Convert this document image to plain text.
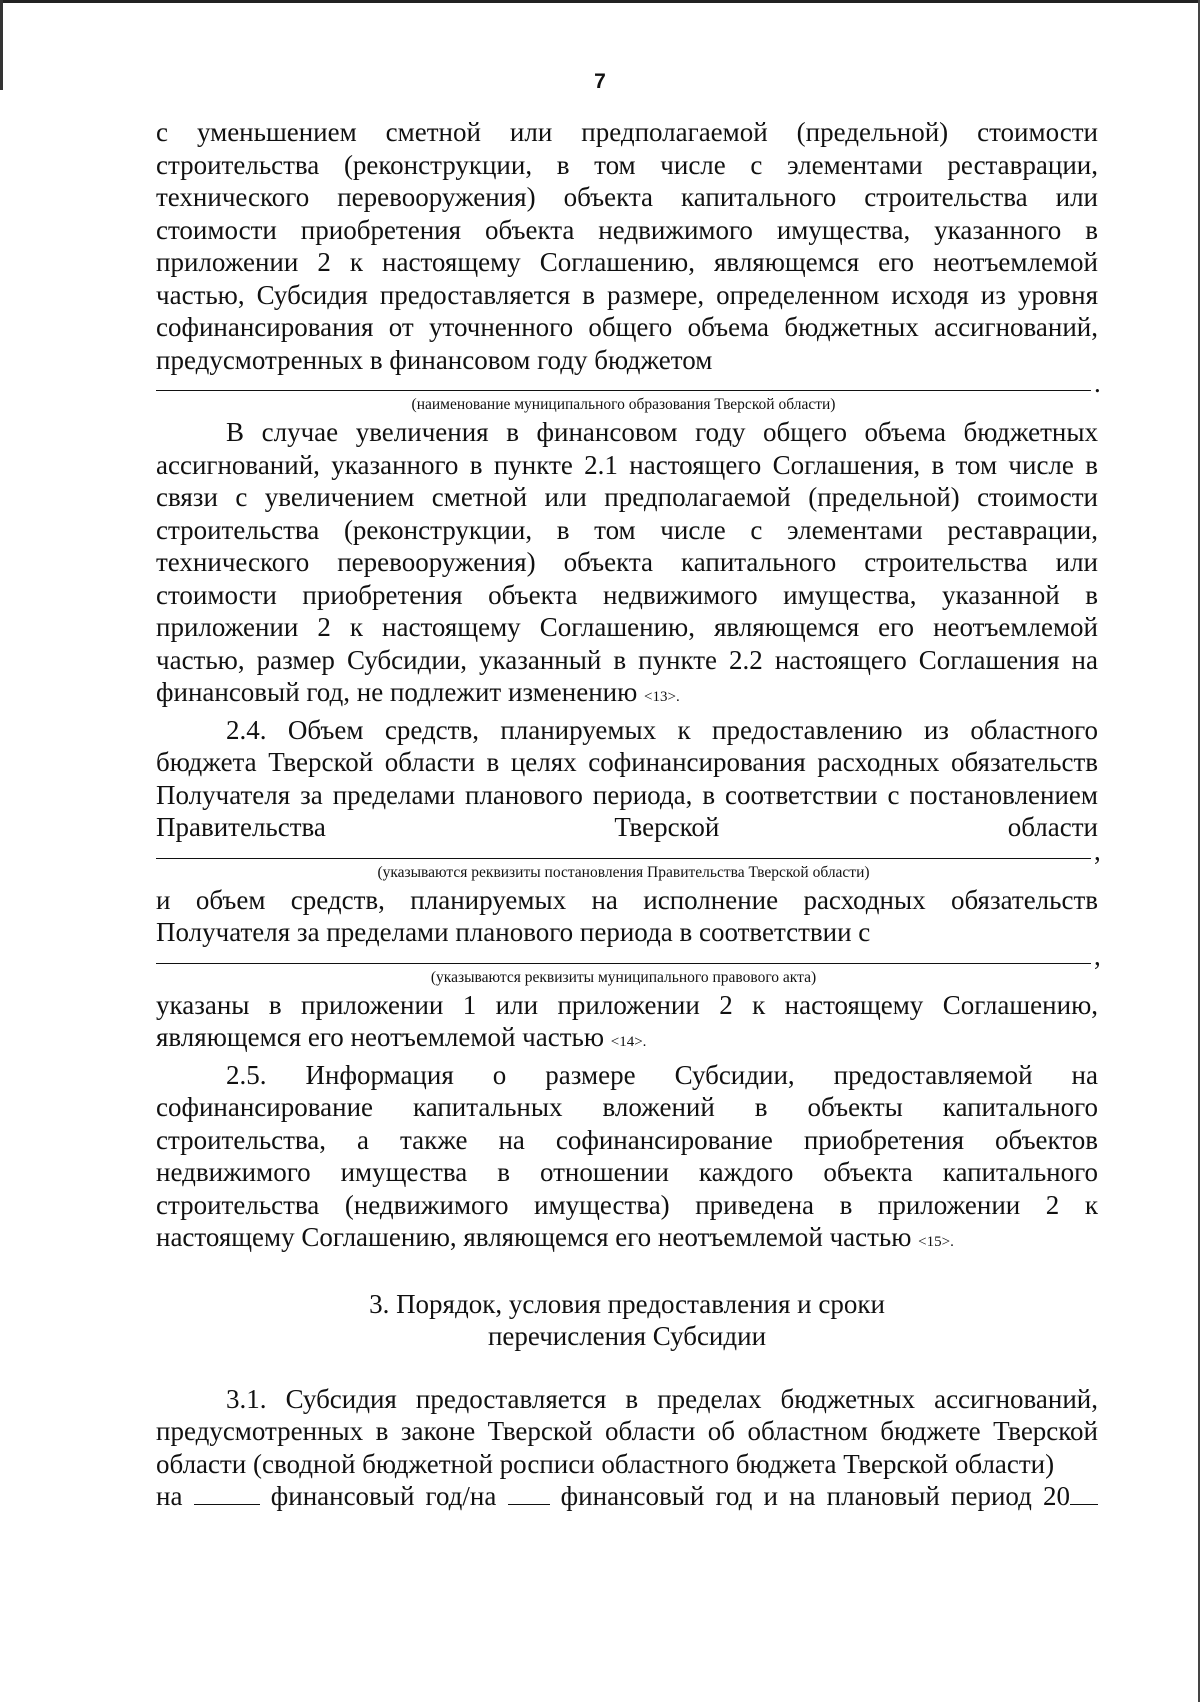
7

с уменьшением сметной или предполагаемой (предельной) стоимости строительства (реконструкции, в том числе с элементами реставрации, технического перевооружения) объекта капитального строительства или стоимости приобретения объекта недвижимого имущества, указанного в приложении 2 к настоящему Соглашению, являющемся его неотъемлемой частью, Субсидия предоставляется в размере, определенном исходя из уровня софинансирования от уточненного общего объема бюджетных ассигнований, предусмотренных в финансовом году бюджетом

.
(наименование муниципального образования Тверской области)

В случае увеличения в финансовом году общего объема бюджетных ассигнований, указанного в пункте 2.1 настоящего Соглашения, в том числе в связи с увеличением сметной или предполагаемой (предельной) стоимости строительства (реконструкции, в том числе с элементами реставрации, технического перевооружения) объекта капитального строительства или стоимости приобретения объекта недвижимого имущества, указанной в приложении 2 к настоящему Соглашению, являющемся его неотъемлемой частью, размер Субсидии, указанный в пункте 2.2 настоящего Соглашения на финансовый год, не подлежит изменению <13>.

2.4. Объем средств, планируемых к предоставлению из областного бюджета Тверской области в целях софинансирования расходных обязательств Получателя за пределами планового периода, в соответствии с постановлением Правительства Тверской области

,
(указываются реквизиты постановления Правительства Тверской области)

и объем средств, планируемых на исполнение расходных обязательств Получателя за пределами планового периода в соответствии с

,
(указываются реквизиты муниципального правового акта)

указаны в приложении 1 или приложении 2 к настоящему Соглашению, являющемся его неотъемлемой частью <14>.

2.5. Информация о размере Субсидии, предоставляемой на софинансирование капитальных вложений в объекты капитального строительства, а также на софинансирование приобретения объектов недвижимого имущества в отношении каждого объекта капитального строительства (недвижимого имущества) приведена в приложении 2 к настоящему Соглашению, являющемся его неотъемлемой частью <15>.

3. Порядок, условия предоставления и сроки
перечисления Субсидии

3.1. Субсидия предоставляется в пределах бюджетных ассигнований, предусмотренных в законе Тверской области об областном бюджете Тверской области (сводной бюджетной росписи областного бюджета Тверской области)

на	финансовый год/на финансовый год и на плановый период 20
